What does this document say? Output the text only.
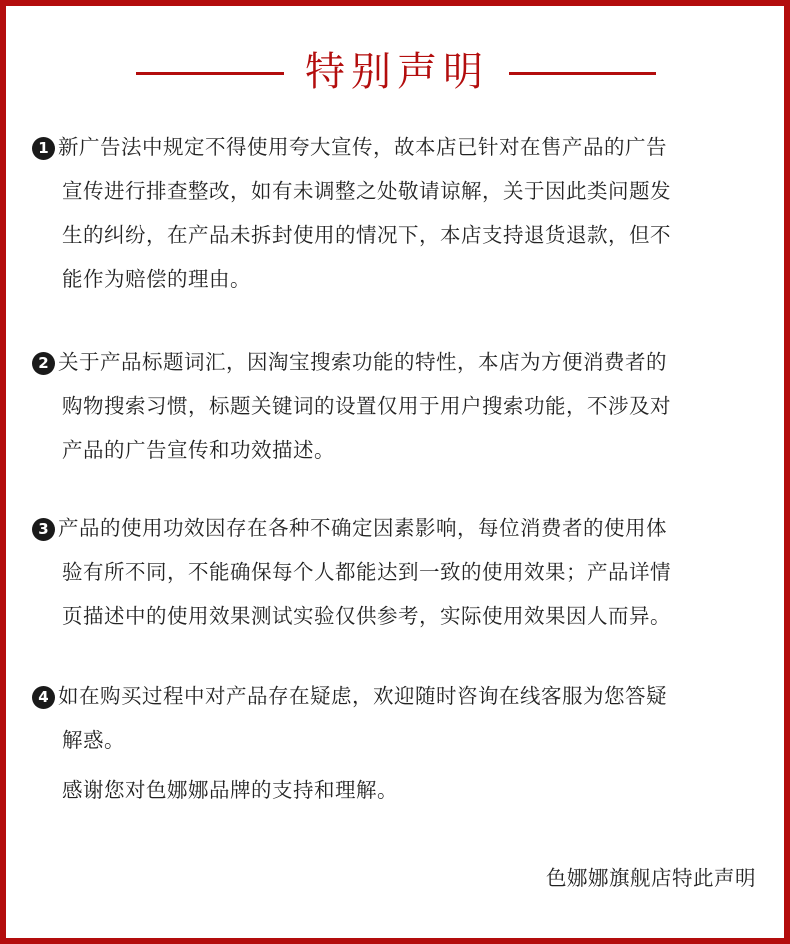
特别声明
1 新广告法中规定不得使用夸大宣传，故本店已针对在售产品的广告
宣传进行排查整改，如有未调整之处敬请谅解，关于因此类问题发
生的纠纷，在产品未拆封使用的情况下，本店支持退货退款，但不
能作为赔偿的理由。
2 关于产品标题词汇，因淘宝搜索功能的特性，本店为方便消费者的
购物搜索习惯，标题关键词的设置仅用于用户搜索功能，不涉及对
产品的广告宣传和功效描述。
3 产品的使用功效因存在各种不确定因素影响，每位消费者的使用体
验有所不同，不能确保每个人都能达到一致的使用效果；产品详情
页描述中的使用效果测试实验仅供参考，实际使用效果因人而异。
4 如在购买过程中对产品存在疑虑，欢迎随时咨询在线客服为您答疑
解惑。
感谢您对色娜娜品牌的支持和理解。
色娜娜旗舰店特此声明
